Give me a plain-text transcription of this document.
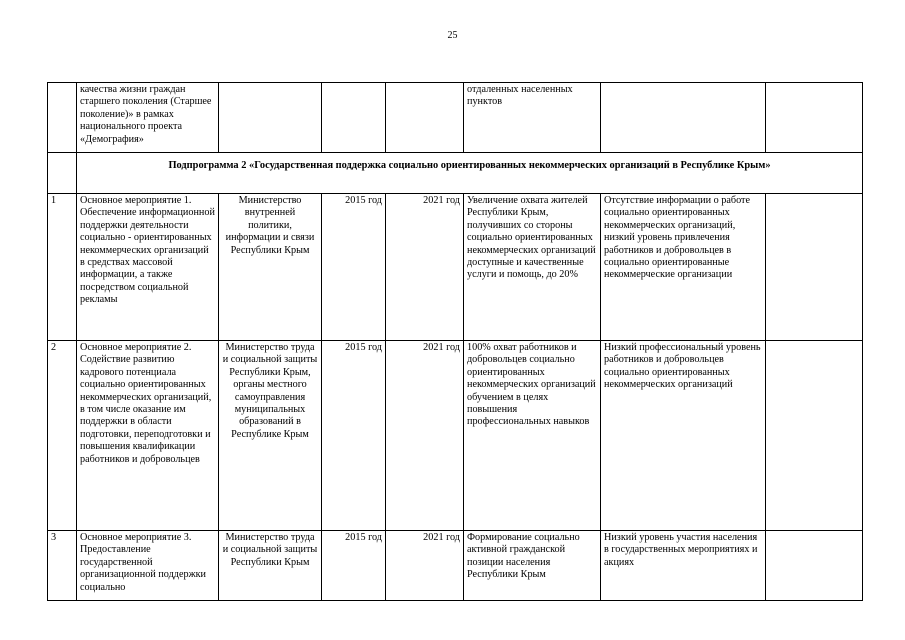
25
	качества жизни граждан старшего поколения (Старшее поколение)» в рамках национального проекта «Демография»				отдаленных населенных пунктов		
	Подпрограмма 2 «Государственная поддержка социально ориентированных некоммерческих организаций в Республике Крым»						
1	Основное мероприятие 1. Обеспечение информационной поддержки деятельности социально - ориентированных некоммерческих организаций в средствах массовой информации, а также посредством социальной рекламы	Министерство внутренней политики, информации и связи Республики Крым	2015 год	2021 год	Увеличение охвата жителей Республики Крым, получивших со стороны социально ориентированных некоммерческих организаций доступные и качественные услуги и помощь, до 20%	Отсутствие информации о работе социально ориентированных некоммерческих организаций, низкий уровень привлечения работников и добровольцев в социально ориентированные некоммерческие организации	
2	Основное мероприятие 2. Содействие развитию кадрового потенциала социально ориентированных некоммерческих организаций, в том числе оказание им поддержки в области подготовки, переподготовки и повышения квалификации работников и добровольцев	Министерство труда и социальной защиты Республики Крым, органы местного самоуправления муниципальных образований в Республике Крым	2015 год	2021 год	100% охват работников и добровольцев социально ориентированных некоммерческих организаций обучением в целях повышения профессиональных навыков	Низкий профессиональный уровень работников и добровольцев социально ориентированных некоммерческих организаций	
3	Основное мероприятие 3. Предоставление государственной организационной поддержки социально	Министерство труда и социальной защиты Республики Крым	2015 год	2021 год	Формирование социально активной гражданской позиции населения Республики Крым	Низкий уровень участия населения в государственных мероприятиях и акциях	
